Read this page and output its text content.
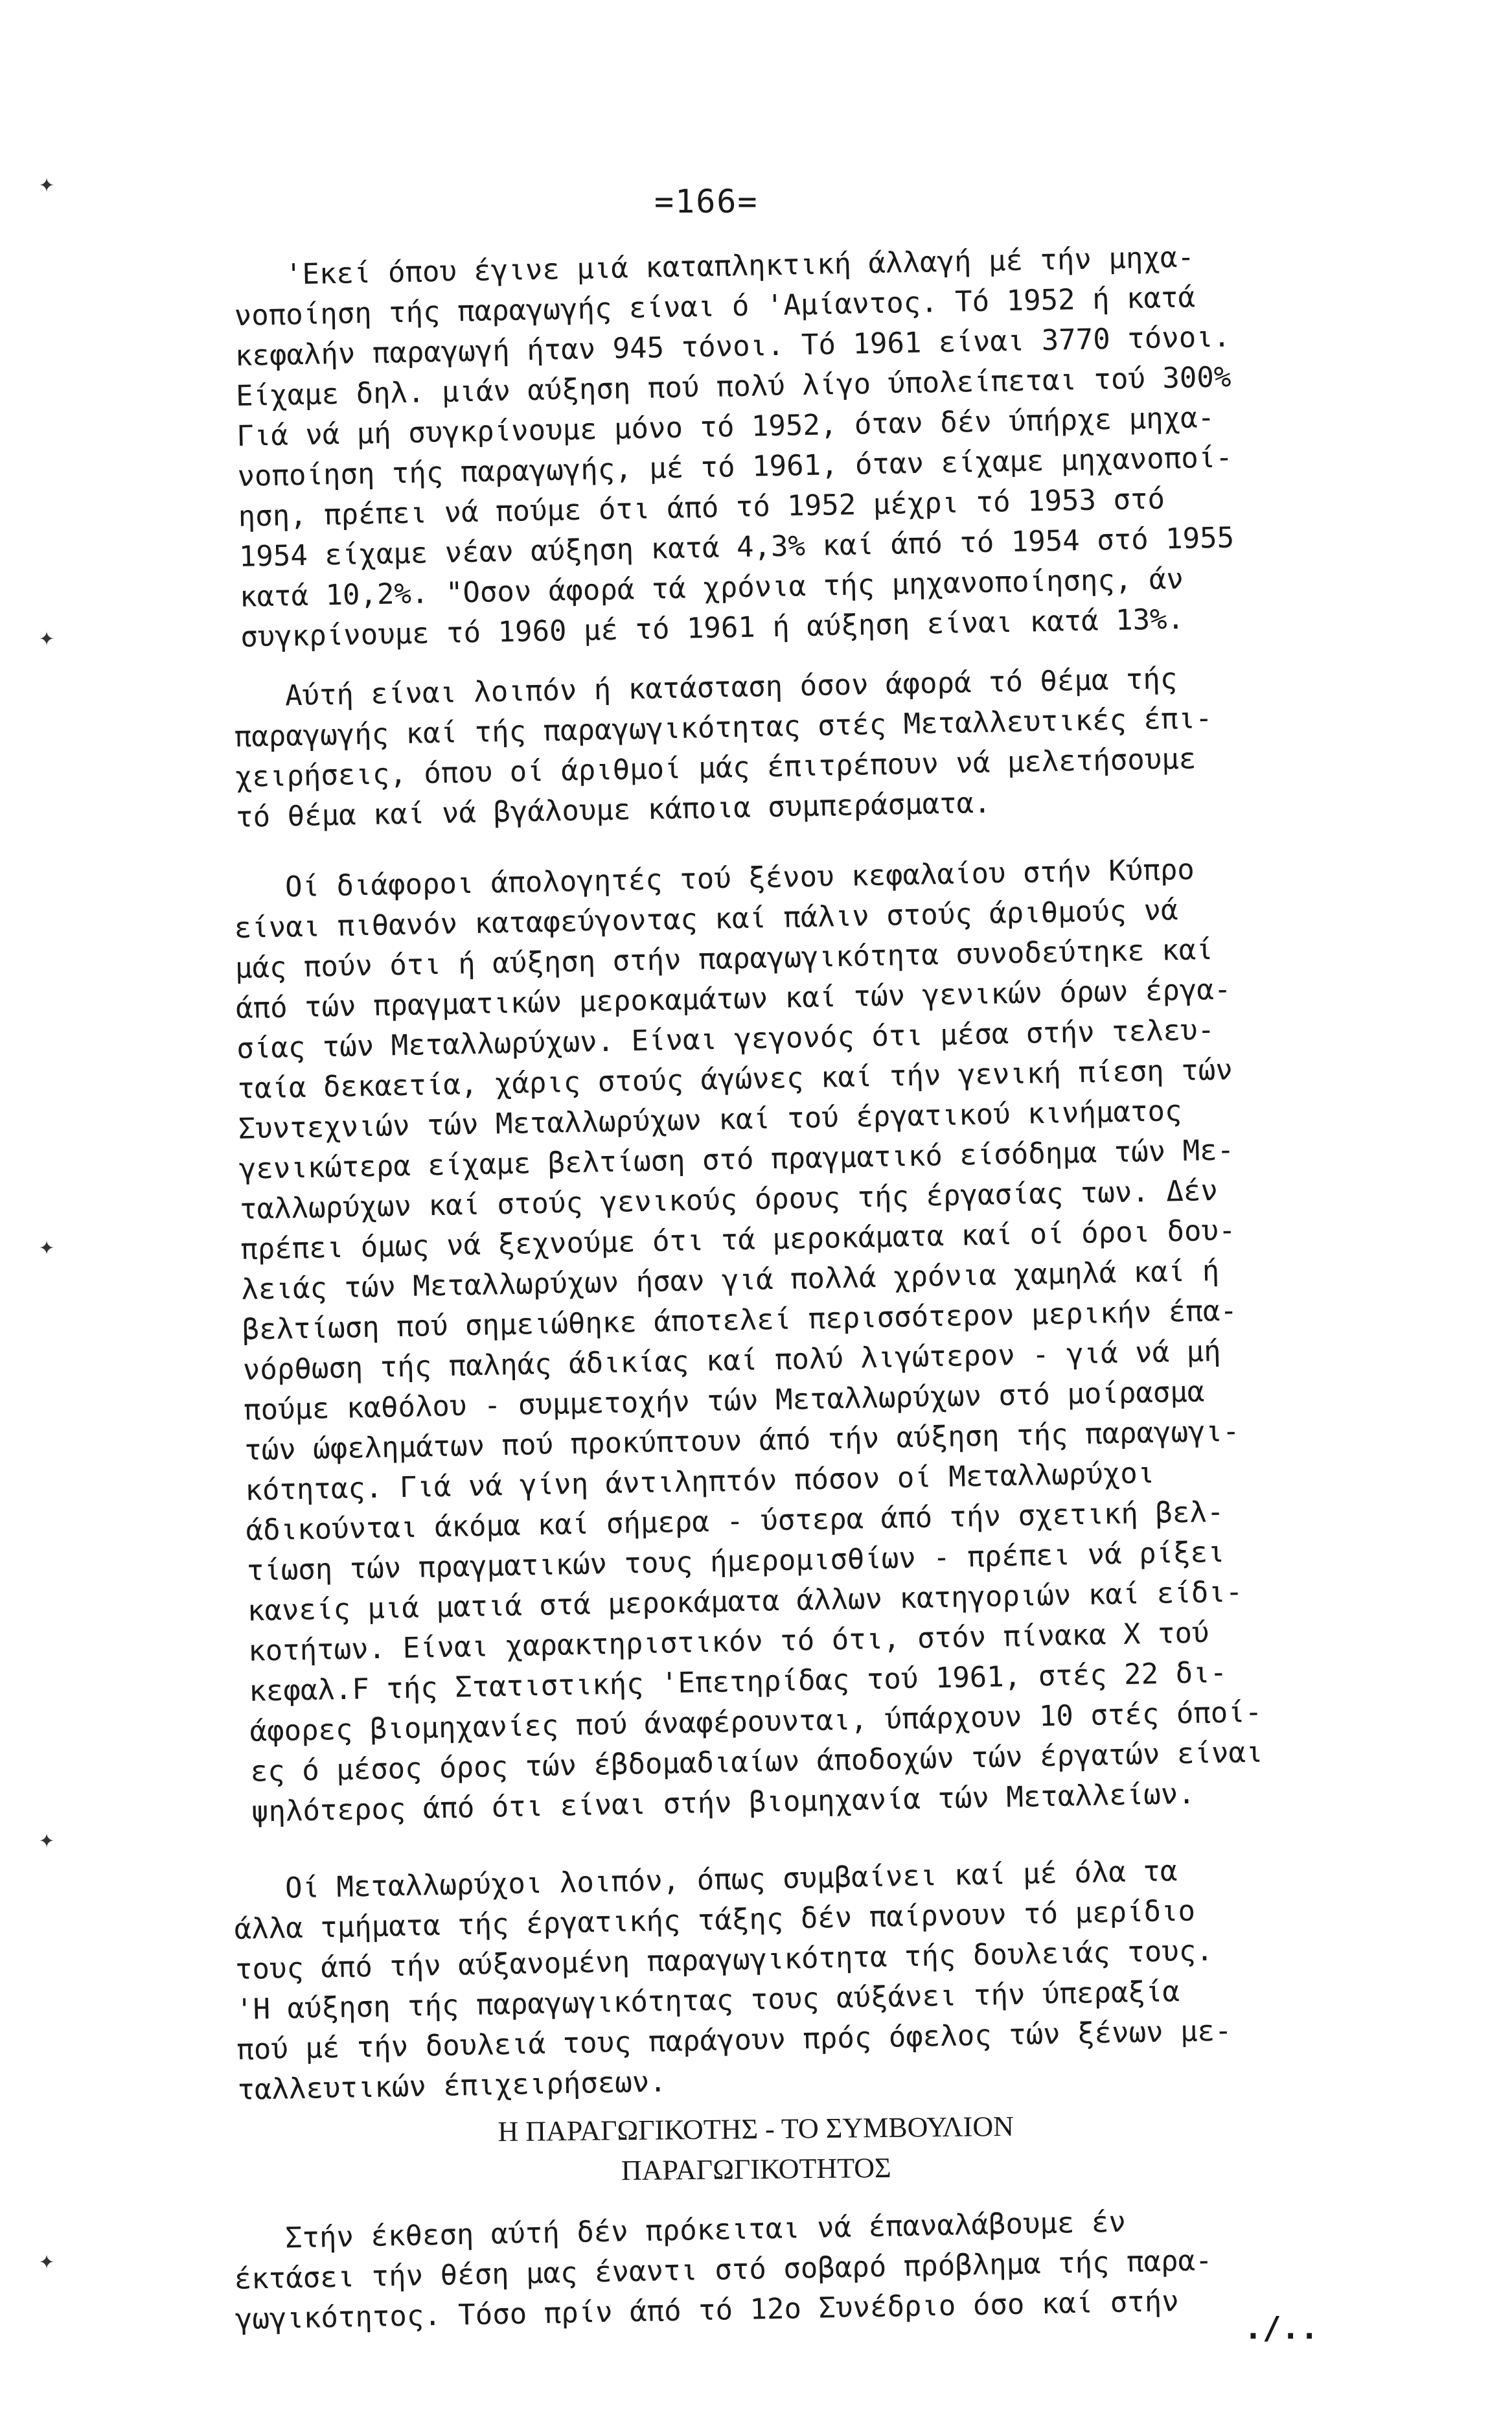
=166=
'Εκεί όπου έγινε μιά καταπληκτική άλλαγή μέ τήν μηχα-
νοποίηση τής παραγωγής είναι ό 'Αμίαντος. Τό 1952 ή κατά
κεφαλήν παραγωγή ήταν 945 τόνοι. Τό 1961 είναι 3770 τόνοι.
Είχαμε δηλ. μιάν αύξηση πού πολύ λίγο ύπολείπεται τού 300%
Γιά νά μή συγκρίνουμε μόνο τό 1952, όταν δέν ύπήρχε μηχα-
νοποίηση τής παραγωγής, μέ τό 1961, όταν είχαμε μηχανοποί-
ηση, πρέπει νά πούμε ότι άπό τό 1952 μέχρι τό 1953 στό
1954 είχαμε νέαν αύξηση κατά 4,3% καί άπό τό 1954 στό 1955
κατά 10,2%. "Οσον άφορά τά χρόνια τής μηχανοποίησης, άν
συγκρίνουμε τό 1960 μέ τό 1961 ή αύξηση είναι κατά 13%.
Αύτή είναι λοιπόν ή κατάσταση όσον άφορά τό θέμα τής
παραγωγής καί τής παραγωγικότητας στές Μεταλλευτικές έπι-
χειρήσεις, όπου οί άριθμοί μάς έπιτρέπουν νά μελετήσουμε
τό θέμα καί νά βγάλουμε κάποια συμπεράσματα.
Οί διάφοροι άπολογητές τού ξένου κεφαλαίου στήν Κύπρο
είναι πιθανόν καταφεύγοντας καί πάλιν στούς άριθμούς νά
μάς πούν ότι ή αύξηση στήν παραγωγικότητα συνοδεύτηκε καί
άπό τών πραγματικών μεροκαμάτων καί τών γενικών όρων έργα-
σίας τών Μεταλλωρύχων. Είναι γεγονός ότι μέσα στήν τελευ-
ταία δεκαετία, χάρις στούς άγώνες καί τήν γενική πίεση τών
Συντεχνιών τών Μεταλλωρύχων καί τού έργατικού κινήματος
γενικώτερα είχαμε βελτίωση στό πραγματικό είσόδημα τών Με-
ταλλωρύχων καί στούς γενικούς όρους τής έργασίας των. Δέν
πρέπει όμως νά ξεχνούμε ότι τά μεροκάματα καί οί όροι δου-
λειάς τών Μεταλλωρύχων ήσαν γιά πολλά χρόνια χαμηλά καί ή
βελτίωση πού σημειώθηκε άποτελεί περισσότερον μερικήν έπα-
νόρθωση τής παληάς άδικίας καί πολύ λιγώτερον - γιά νά μή
πούμε καθόλου - συμμετοχήν τών Μεταλλωρύχων στό μοίρασμα
τών ώφελημάτων πού προκύπτουν άπό τήν αύξηση τής παραγωγι-
κότητας. Γιά νά γίνη άντιληπτόν πόσον οί Μεταλλωρύχοι
άδικούνται άκόμα καί σήμερα - ύστερα άπό τήν σχετική βελ-
τίωση τών πραγματικών τους ήμερομισθίων - πρέπει νά ρίξει
κανείς μιά ματιά στά μεροκάματα άλλων κατηγοριών καί είδι-
κοτήτων. Είναι χαρακτηριστικόν τό ότι, στόν πίνακα Χ τού
κεφαλ.F τής Στατιστικής 'Επετηρίδας τού 1961, στές 22 δι-
άφορες βιομηχανίες πού άναφέρουνται, ύπάρχουν 10 στές όποί-
ες ό μέσος όρος τών έβδομαδιαίων άποδοχών τών έργατών είναι
ψηλότερος άπό ότι είναι στήν βιομηχανία τών Μεταλλείων.
Οί Μεταλλωρύχοι λοιπόν, όπως συμβαίνει καί μέ όλα τα
άλλα τμήματα τής έργατικής τάξης δέν παίρνουν τό μερίδιο
τους άπό τήν αύξανομένη παραγωγικότητα τής δουλειάς τους.
'Η αύξηση τής παραγωγικότητας τους αύξάνει τήν ύπεραξία
πού μέ τήν δουλειά τους παράγουν πρός όφελος τών ξένων με-
ταλλευτικών έπιχειρήσεων.
Η ΠΑΡΑΓΩΓΙΚΟΤΗΣ - ΤΟ ΣΥΜΒΟΥΛΙΟΝ
ΠΑΡΑΓΩΓΙΚΟΤΗΤΟΣ
Στήν έκθεση αύτή δέν πρόκειται νά έπαναλάβουμε έν
έκτάσει τήν θέση μας έναντι στό σοβαρό πρόβλημα τής παρα-
γωγικότητος. Τόσο πρίν άπό τό 12ο Συνέδριο όσο καί στήν	./..
✦
✦
✦
✦
✦
